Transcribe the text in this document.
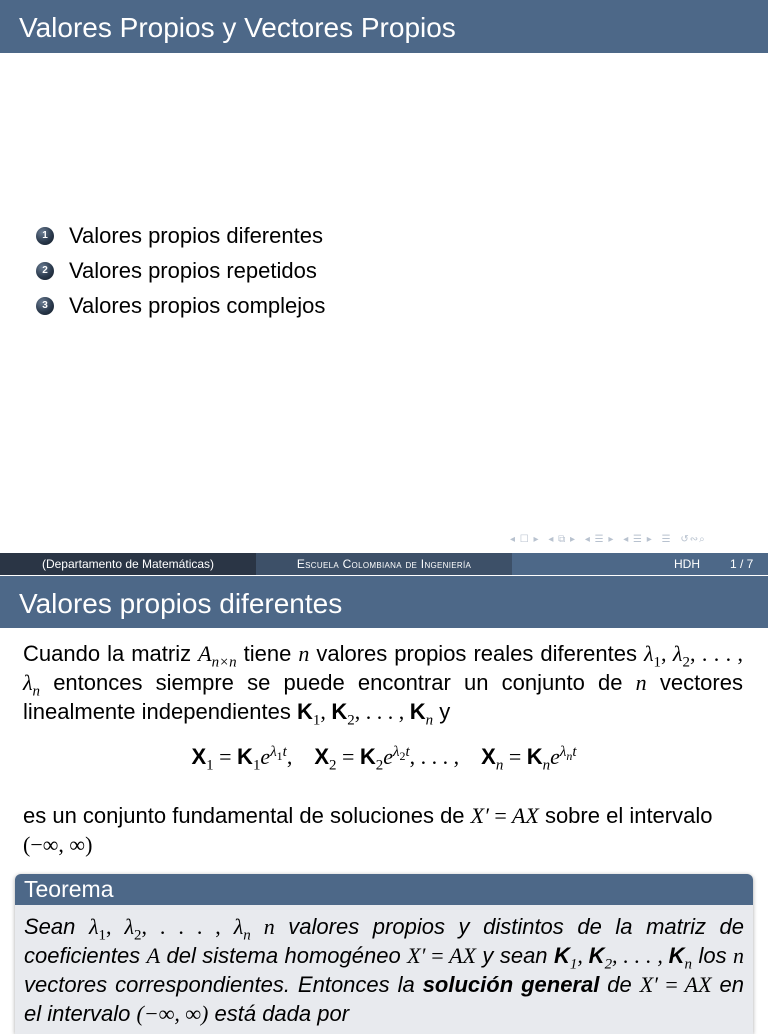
Valores Propios y Vectores Propios
1 Valores propios diferentes
2 Valores propios repetidos
3 Valores propios complejos
◂ ☐ ▸ ◂ ⧉ ▸ ◂ ☰ ▸ ◂ ☰ ▸ ☰ ↺∾⌕
(Departamento de Matemáticas)	Escuela Colombiana de Ingeniería	HDH	1 / 7
Valores propios diferentes
Cuando la matriz $A_{n\times n}$ tiene n valores propios reales diferentes $\lambda_1$, $\lambda_2$, . . . , $\lambda_n$ entonces siempre se puede encontrar un conjunto de n vectores linealmente independientes $K_1$, $K_2$, . . . , $K_n$ y
$X_1 = K_1e^{\lambda_1t}$,    $X_2 = K_2e^{\lambda_2t}$, . . . ,    $X_n = K_ne^{\lambda_nt}$
es un conjunto fundamental de soluciones de X′ = AX sobre el intervalo (−∞, ∞)
Teorema
Sean $\lambda_1$, $\lambda_2$, . . . , $\lambda_n$ n valores propios y distintos de la matriz de coeficientes A del sistema homogéneo X′ = AX y sean $K_1$, $K_2$, . . . , $K_n$ los n vectores correspondientes. Entonces la solución general de X′ = AX en el intervalo (−∞, ∞) está dada por
